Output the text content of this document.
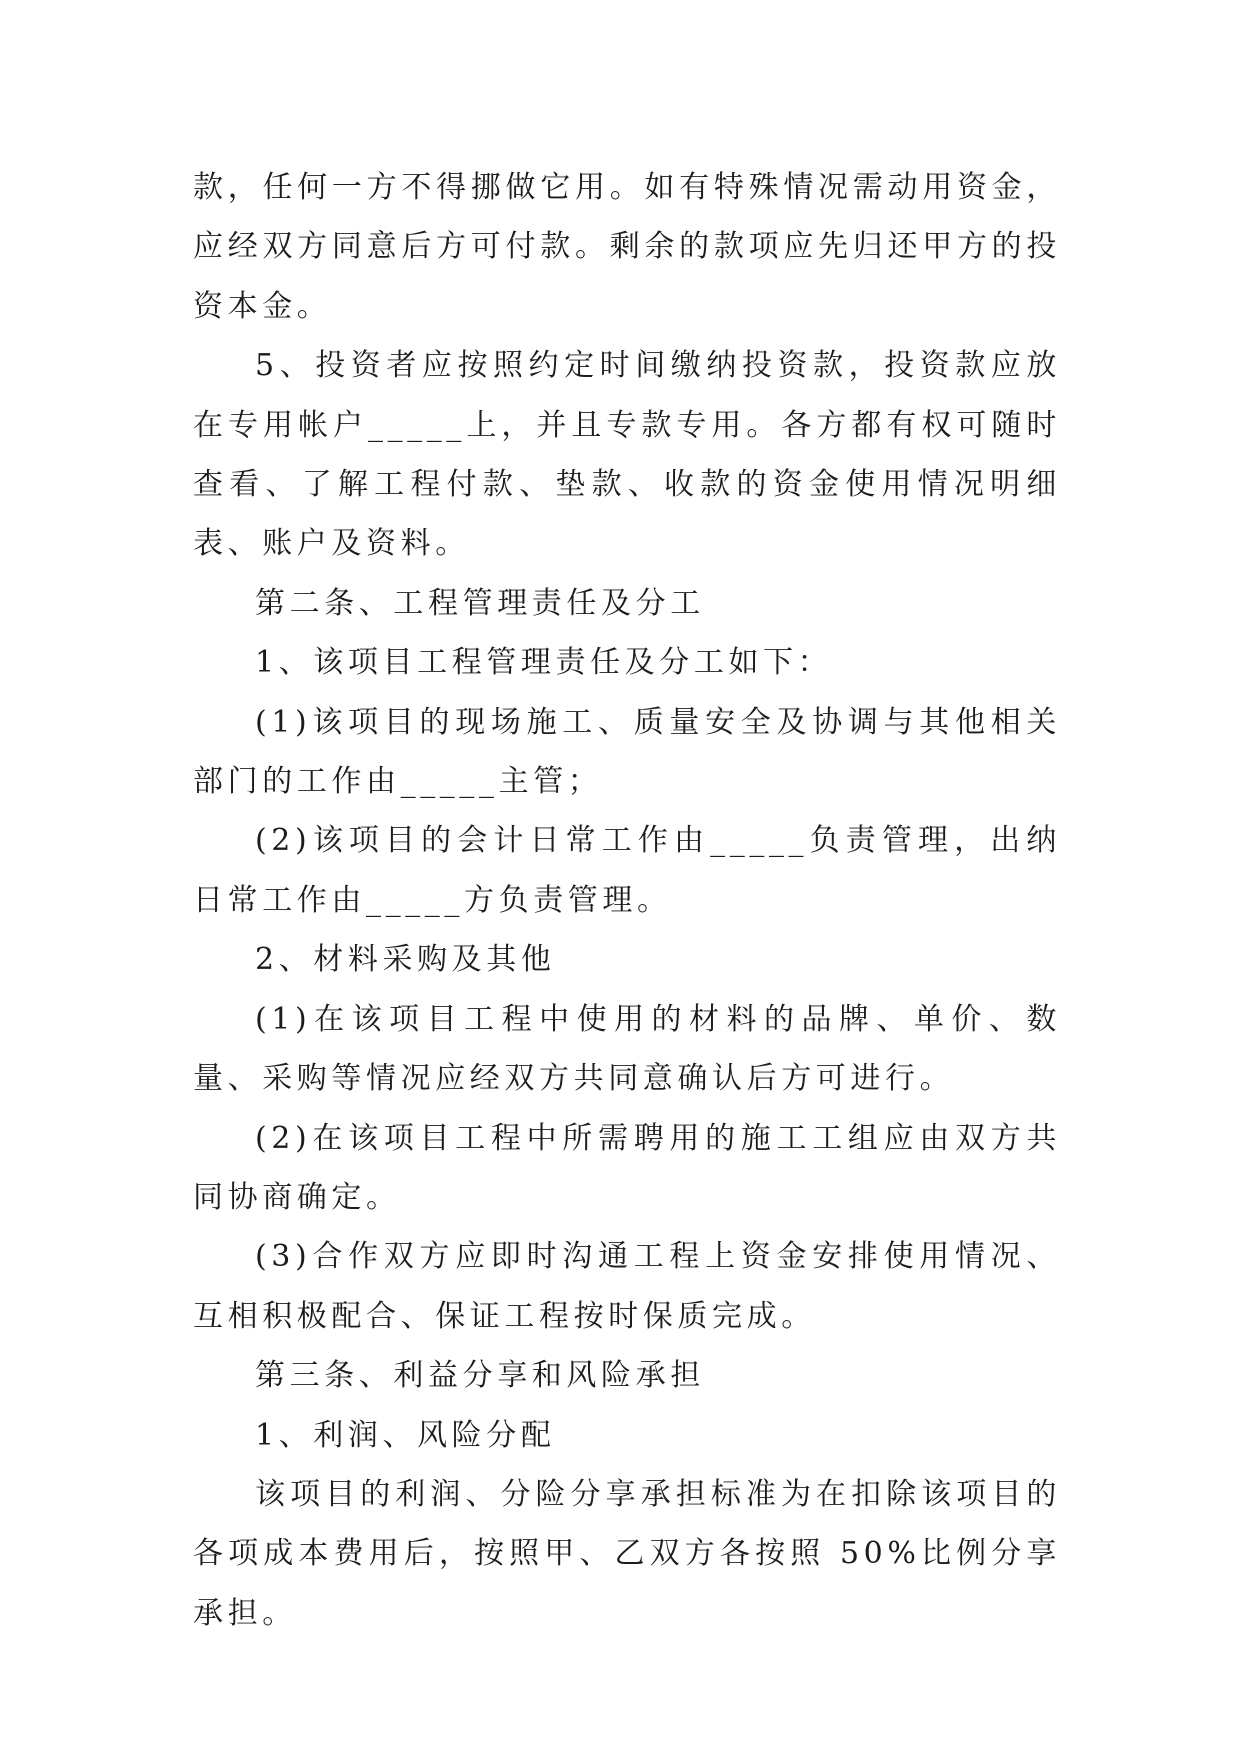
款，任何一方不得挪做它用。如有特殊情况需动用资金，应经双方同意后方可付款。剩余的款项应先归还甲方的投资本金。

5、投资者应按照约定时间缴纳投资款，投资款应放在专用帐户_____上，并且专款专用。各方都有权可随时查看、了解工程付款、垫款、收款的资金使用情况明细表、账户及资料。

第二条、工程管理责任及分工

1、该项目工程管理责任及分工如下：

(1)该项目的现场施工、质量安全及协调与其他相关部门的工作由_____主管；

(2)该项目的会计日常工作由_____负责管理，出纳日常工作由_____方负责管理。

2、材料采购及其他

(1)在该项目工程中使用的材料的品牌、单价、数量、采购等情况应经双方共同意确认后方可进行。

(2)在该项目工程中所需聘用的施工工组应由双方共同协商确定。

(3)合作双方应即时沟通工程上资金安排使用情况、互相积极配合、保证工程按时保质完成。

第三条、利益分享和风险承担

1、利润、风险分配

该项目的利润、分险分享承担标准为在扣除该项目的各项成本费用后，按照甲、乙双方各按照 50%比例分享承担。
